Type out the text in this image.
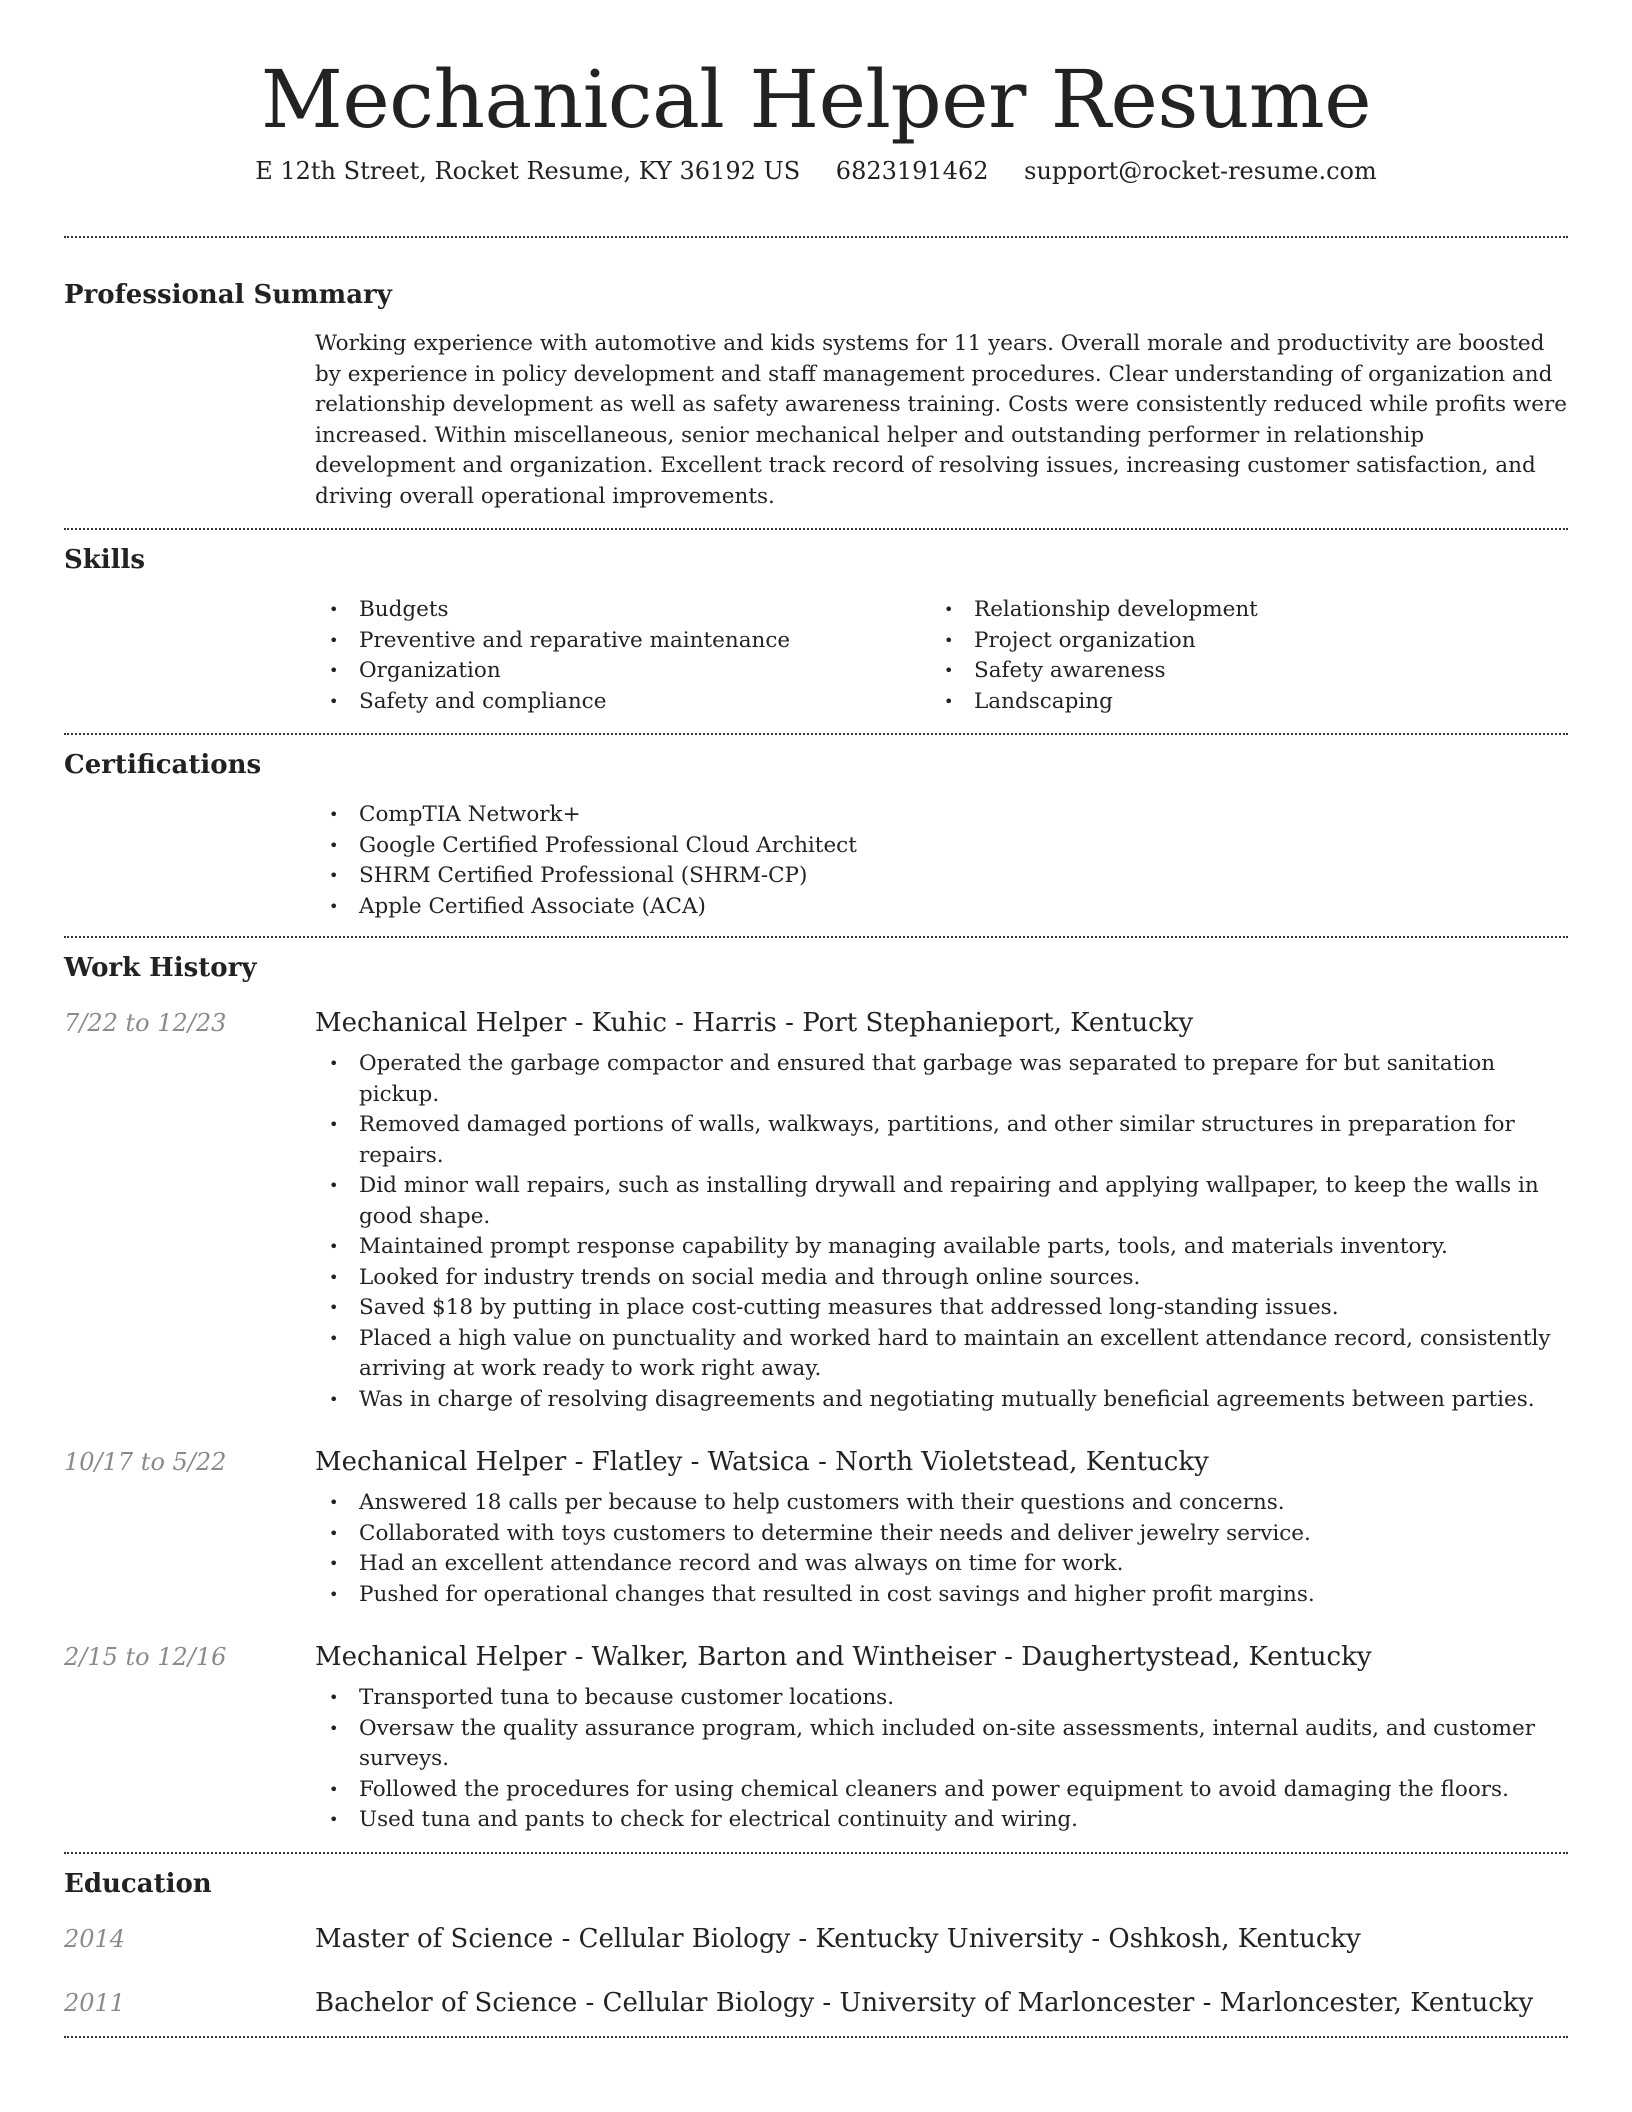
Mechanical Helper Resume
E 12th Street, Rocket Resume, KY 36192 US 6823191462 support@rocket-resume.com
Professional Summary

Working experience with automotive and kids systems for 11 years. Overall morale and productivity are boosted by experience in policy development and staff management procedures. Clear understanding of organization and relationship development as well as safety awareness training. Costs were consistently reduced while profits were increased. Within miscellaneous, senior mechanical helper and outstanding performer in relationship development and organization. Excellent track record of resolving issues, increasing customer satisfaction, and driving overall operational improvements.

Skills
• Budgets
• Preventive and reparative maintenance
• Organization
• Safety and compliance
• Relationship development
• Project organization
• Safety awareness
• Landscaping
Certifications
• CompTIA Network+
• Google Certified Professional Cloud Architect
• SHRM Certified Professional (SHRM-CP)
• Apple Certified Associate (ACA)
Work History
7/22 to 12/23	Mechanical Helper - Kuhic - Harris - Port Stephanieport, Kentucky
• Operated the garbage compactor and ensured that garbage was separated to prepare for but sanitation pickup.
• Removed damaged portions of walls, walkways, partitions, and other similar structures in preparation for repairs.
• Did minor wall repairs, such as installing drywall and repairing and applying wallpaper, to keep the walls in good shape.
• Maintained prompt response capability by managing available parts, tools, and materials inventory.
• Looked for industry trends on social media and through online sources.
• Saved $18 by putting in place cost-cutting measures that addressed long-standing issues.
• Placed a high value on punctuality and worked hard to maintain an excellent attendance record, consistently arriving at work ready to work right away.
• Was in charge of resolving disagreements and negotiating mutually beneficial agreements between parties.
10/17 to 5/22	Mechanical Helper - Flatley - Watsica - North Violetstead, Kentucky
• Answered 18 calls per because to help customers with their questions and concerns.
• Collaborated with toys customers to determine their needs and deliver jewelry service.
• Had an excellent attendance record and was always on time for work.
• Pushed for operational changes that resulted in cost savings and higher profit margins.
2/15 to 12/16	Mechanical Helper - Walker, Barton and Wintheiser - Daughertystead, Kentucky
• Transported tuna to because customer locations.
• Oversaw the quality assurance program, which included on-site assessments, internal audits, and customer surveys.
• Followed the procedures for using chemical cleaners and power equipment to avoid damaging the floors.
• Used tuna and pants to check for electrical continuity and wiring.
Education
2014	Master of Science - Cellular Biology - Kentucky University - Oshkosh, Kentucky
2011	Bachelor of Science - Cellular Biology - University of Marloncester - Marloncester, Kentucky
